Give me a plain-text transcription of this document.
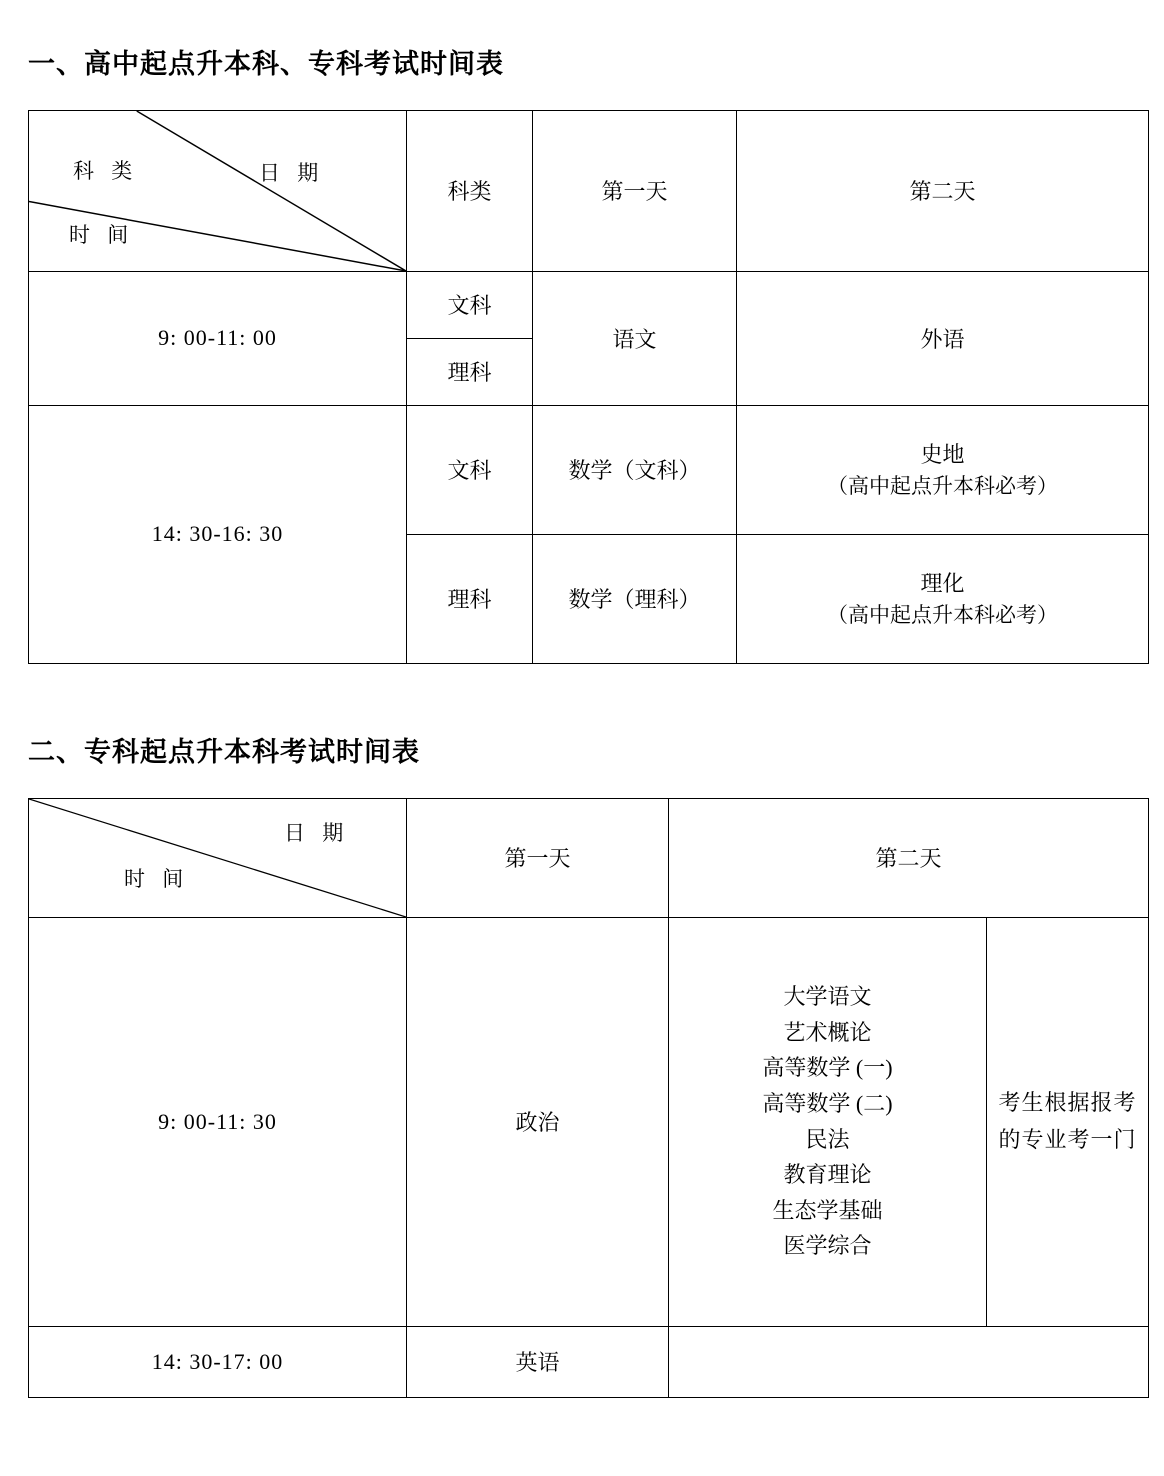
一、高中起点升本科、专科考试时间表
科 类 日 期
时 间	科类	第一天	第二天
9: 00-11: 00	文科	语文	外语
	理科		
14: 30-16: 30	文科	数学（文科）	史地
（高中起点升本科必考）

	理科	数学（理科）	理化
（高中起点升本科必考）
二、专科起点升本科考试时间表
日 期
时 间	第一天	第二天	
9: 00-11: 30	政治	
大学语文
艺术概论
高等数学 (一)
高等数学 (二)
民法
教育理论
生态学基础
医学综合
	考生根据报考的专业考一门
14: 30-17: 00	英语		
